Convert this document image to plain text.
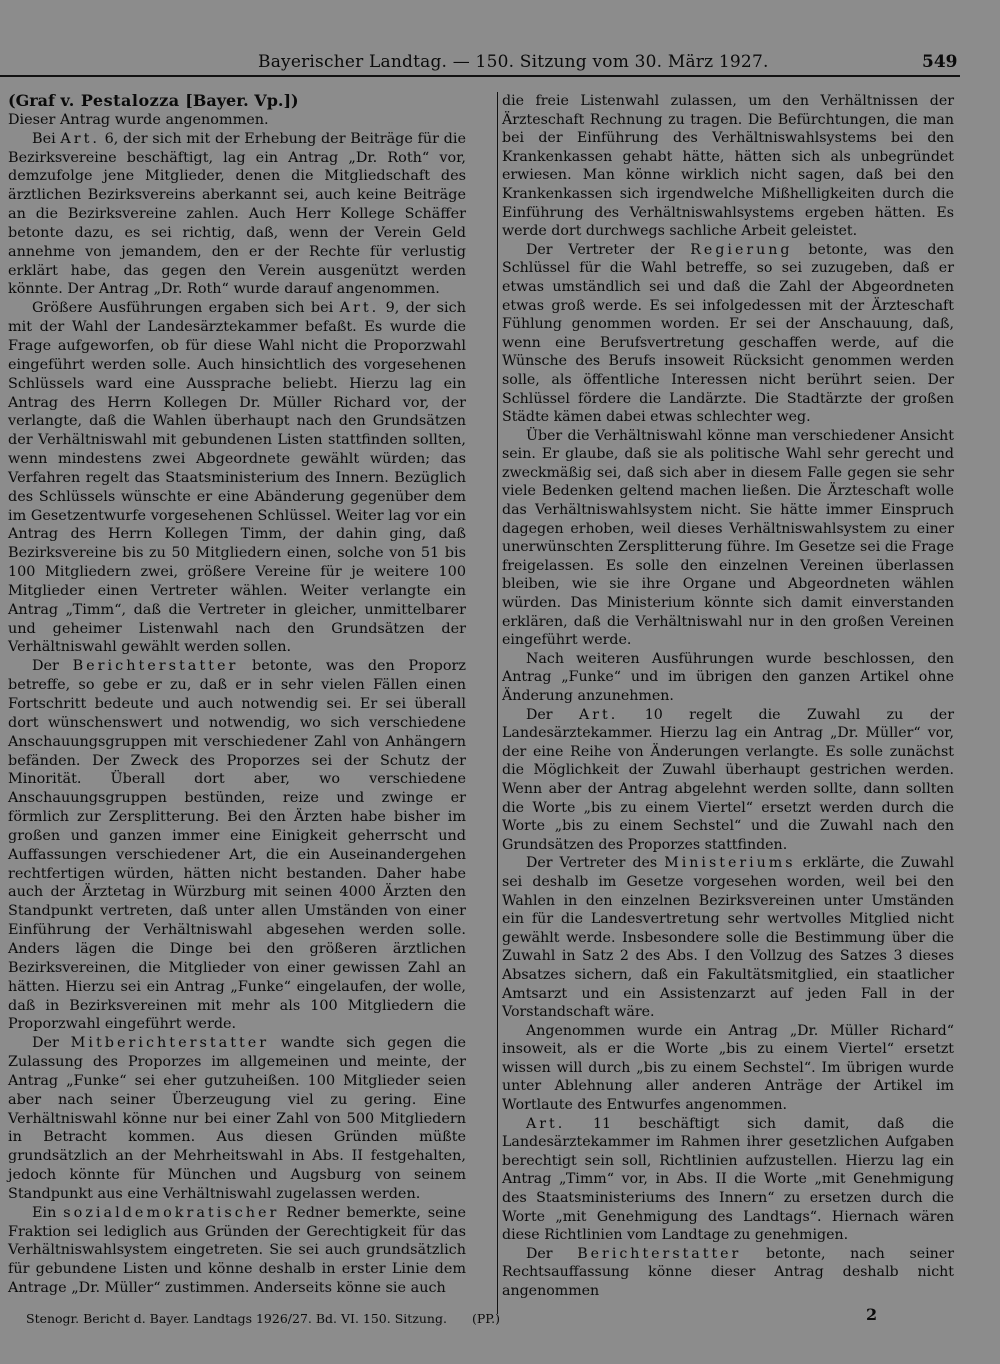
Bayerischer Landtag. — 150. Sitzung vom 30. März 1927.	549

(Graf v. Pestalozza [Bayer. Vp.])

Dieser Antrag wurde angenommen.

Bei Art. 6, der sich mit der Erhebung der Beiträge für die Bezirksvereine beschäftigt, lag ein Antrag „Dr. Roth“ vor, demzufolge jene Mitglieder, denen die Mitgliedschaft des ärztlichen Bezirksvereins aberkannt sei, auch keine Beiträge an die Bezirksvereine zahlen. Auch Herr Kollege Schäffer betonte dazu, es sei richtig, daß, wenn der Verein Geld annehme von jemandem, den er der Rechte für verlustig erklärt habe, das gegen den Verein ausgenützt werden könnte. Der Antrag „Dr. Roth“ wurde darauf angenommen.

Größere Ausführungen ergaben sich bei Art. 9, der sich mit der Wahl der Landesärztekammer befaßt. Es wurde die Frage aufgeworfen, ob für diese Wahl nicht die Proporzwahl eingeführt werden solle. Auch hinsichtlich des vorgesehenen Schlüssels ward eine Aussprache beliebt. Hierzu lag ein Antrag des Herrn Kollegen Dr. Müller Richard vor, der verlangte, daß die Wahlen überhaupt nach den Grundsätzen der Verhältniswahl mit gebundenen Listen stattfinden sollten, wenn mindestens zwei Abgeordnete gewählt würden; das Verfahren regelt das Staatsministerium des Innern. Bezüglich des Schlüssels wünschte er eine Abänderung gegenüber dem im Gesetzentwurfe vorgesehenen Schlüssel. Weiter lag vor ein Antrag des Herrn Kollegen Timm, der dahin ging, daß Bezirksvereine bis zu 50 Mitgliedern einen, solche von 51 bis 100 Mitgliedern zwei, größere Vereine für je weitere 100 Mitglieder einen Vertreter wählen. Weiter verlangte ein Antrag „Timm“, daß die Vertreter in gleicher, unmittelbarer und geheimer Listenwahl nach den Grundsätzen der Verhältniswahl gewählt werden sollen.

Der Berichterstatter betonte, was den Proporz betreffe, so gebe er zu, daß er in sehr vielen Fällen einen Fortschritt bedeute und auch notwendig sei. Er sei überall dort wünschenswert und notwendig, wo sich verschiedene Anschauungsgruppen mit verschiedener Zahl von Anhängern befänden. Der Zweck des Proporzes sei der Schutz der Minorität. Überall dort aber, wo verschiedene Anschauungsgruppen bestünden, reize und zwinge er förmlich zur Zersplitterung. Bei den Ärzten habe bisher im großen und ganzen immer eine Einigkeit geherrscht und Auffassungen verschiedener Art, die ein Auseinandergehen rechtfertigen würden, hätten nicht bestanden. Daher habe auch der Ärztetag in Würzburg mit seinen 4000 Ärzten den Standpunkt vertreten, daß unter allen Umständen von einer Einführung der Verhältniswahl abgesehen werden solle. Anders lägen die Dinge bei den größeren ärztlichen Bezirksvereinen, die Mitglieder von einer gewissen Zahl an hätten. Hierzu sei ein Antrag „Funke“ eingelaufen, der wolle, daß in Bezirksvereinen mit mehr als 100 Mitgliedern die Proporzwahl eingeführt werde.

Der Mitberichterstatter wandte sich gegen die Zulassung des Proporzes im allgemeinen und meinte, der Antrag „Funke“ sei eher gutzuheißen. 100 Mitglieder seien aber nach seiner Überzeugung viel zu gering. Eine Verhältniswahl könne nur bei einer Zahl von 500 Mitgliedern in Betracht kommen. Aus diesen Gründen müßte grundsätzlich an der Mehrheitswahl in Abs. II festgehalten, jedoch könnte für München und Augsburg von seinem Standpunkt aus eine Verhältniswahl zugelassen werden.

Ein sozialdemokratischer Redner bemerkte, seine Fraktion sei lediglich aus Gründen der Gerechtigkeit für das Verhältniswahlsystem eingetreten. Sie sei auch grundsätzlich für gebundene Listen und könne deshalb in erster Linie dem Antrage „Dr. Müller“ zustimmen. Anderseits könne sie auch

die freie Listenwahl zulassen, um den Verhältnissen der Ärzteschaft Rechnung zu tragen. Die Befürchtungen, die man bei der Einführung des Verhältniswahlsystems bei den Krankenkassen gehabt hätte, hätten sich als unbegründet erwiesen. Man könne wirklich nicht sagen, daß bei den Krankenkassen sich irgendwelche Mißhelligkeiten durch die Einführung des Verhältniswahlsystems ergeben hätten. Es werde dort durchwegs sachliche Arbeit geleistet.

Der Vertreter der Regierung betonte, was den Schlüssel für die Wahl betreffe, so sei zuzugeben, daß er etwas umständlich sei und daß die Zahl der Abgeordneten etwas groß werde. Es sei infolgedessen mit der Ärzteschaft Fühlung genommen worden. Er sei der Anschauung, daß, wenn eine Berufsvertretung geschaffen werde, auf die Wünsche des Berufs insoweit Rücksicht genommen werden solle, als öffentliche Interessen nicht berührt seien. Der Schlüssel fördere die Landärzte. Die Stadtärzte der großen Städte kämen dabei etwas schlechter weg.

Über die Verhältniswahl könne man verschiedener Ansicht sein. Er glaube, daß sie als politische Wahl sehr gerecht und zweckmäßig sei, daß sich aber in diesem Falle gegen sie sehr viele Bedenken geltend machen ließen. Die Ärzteschaft wolle das Verhältniswahlsystem nicht. Sie hätte immer Einspruch dagegen erhoben, weil dieses Verhältniswahlsystem zu einer unerwünschten Zersplitterung führe. Im Gesetze sei die Frage freigelassen. Es solle den einzelnen Vereinen überlassen bleiben, wie sie ihre Organe und Abgeordneten wählen würden. Das Ministerium könnte sich damit einverstanden erklären, daß die Verhältniswahl nur in den großen Vereinen eingeführt werde.

Nach weiteren Ausführungen wurde beschlossen, den Antrag „Funke“ und im übrigen den ganzen Artikel ohne Änderung anzunehmen.

Der Art. 10 regelt die Zuwahl zu der Landesärztekammer. Hierzu lag ein Antrag „Dr. Müller“ vor, der eine Reihe von Änderungen verlangte. Es solle zunächst die Möglichkeit der Zuwahl überhaupt gestrichen werden. Wenn aber der Antrag abgelehnt werden sollte, dann sollten die Worte „bis zu einem Viertel“ ersetzt werden durch die Worte „bis zu einem Sechstel“ und die Zuwahl nach den Grundsätzen des Proporzes stattfinden.

Der Vertreter des Ministeriums erklärte, die Zuwahl sei deshalb im Gesetze vorgesehen worden, weil bei den Wahlen in den einzelnen Bezirksvereinen unter Umständen ein für die Landesvertretung sehr wertvolles Mitglied nicht gewählt werde. Insbesondere solle die Bestimmung über die Zuwahl in Satz 2 des Abs. I den Vollzug des Satzes 3 dieses Absatzes sichern, daß ein Fakultätsmitglied, ein staatlicher Amtsarzt und ein Assistenzarzt auf jeden Fall in der Vorstandschaft wäre.

Angenommen wurde ein Antrag „Dr. Müller Richard“ insoweit, als er die Worte „bis zu einem Viertel“ ersetzt wissen will durch „bis zu einem Sechstel“. Im übrigen wurde unter Ablehnung aller anderen Anträge der Artikel im Wortlaute des Entwurfes angenommen.

Art. 11 beschäftigt sich damit, daß die Landesärztekammer im Rahmen ihrer gesetzlichen Aufgaben berechtigt sein soll, Richtlinien aufzustellen. Hierzu lag ein Antrag „Timm“ vor, in Abs. II die Worte „mit Genehmigung des Staatsministeriums des Innern“ zu ersetzen durch die Worte „mit Genehmigung des Landtags“. Hiernach wären diese Richtlinien vom Landtage zu genehmigen.

Der Berichterstatter betonte, nach seiner Rechtsauffassung könne dieser Antrag deshalb nicht angenommen

Stenogr. Bericht d. Bayer. Landtags 1926/27. Bd. VI. 150. Sitzung. (PP.)	2
